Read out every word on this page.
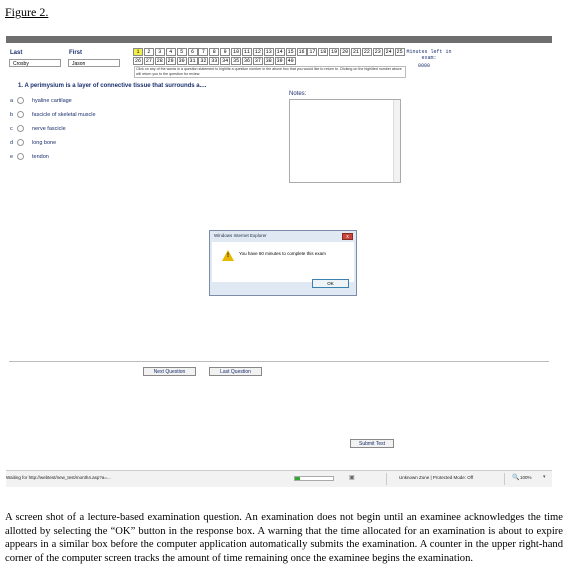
Figure 2.
Last	First
Crosby	Jason
1	2	3	4	5	6	7	8	9	10 11 12 13 14 15 16 17 18 19 20 21 22 23 24 25
26 27 28 29 30 31 32 33 34 35 36 37 38 39 40
Click on any of the words in a question statement to highlite a question number in the above box that you would like to return to. Clicking on the highlited number above will return you to the question for review.
Minutes left in exam:
0000
1. A perimysium is a layer of connective tissue that surrounds a....
a	hyaline cartilage
b	fascicle of skeletal muscle
c	nerve fascicle
d	long bone
e	tendon
Notes:
Windows Internet Explorer	x
! You have 60 minutes to complete this exam
OK
Next Question	Last Question
Submit Test
Waiting for http://webtest/new_test/month4.asp?a=...	▣	Unknown Zone | Protected Mode: Off	🔍 100% ▾
A screen shot of a lecture-based examination question. An examination does not begin until an examinee acknowledges the time allotted by selecting the “OK” button in the response box. A warning that the time allocated for an examination is about to expire appears in a similar box before the computer application automatically submits the examination. A counter in the upper right-hand corner of the computer screen tracks the amount of time remaining once the examinee begins the examination.
